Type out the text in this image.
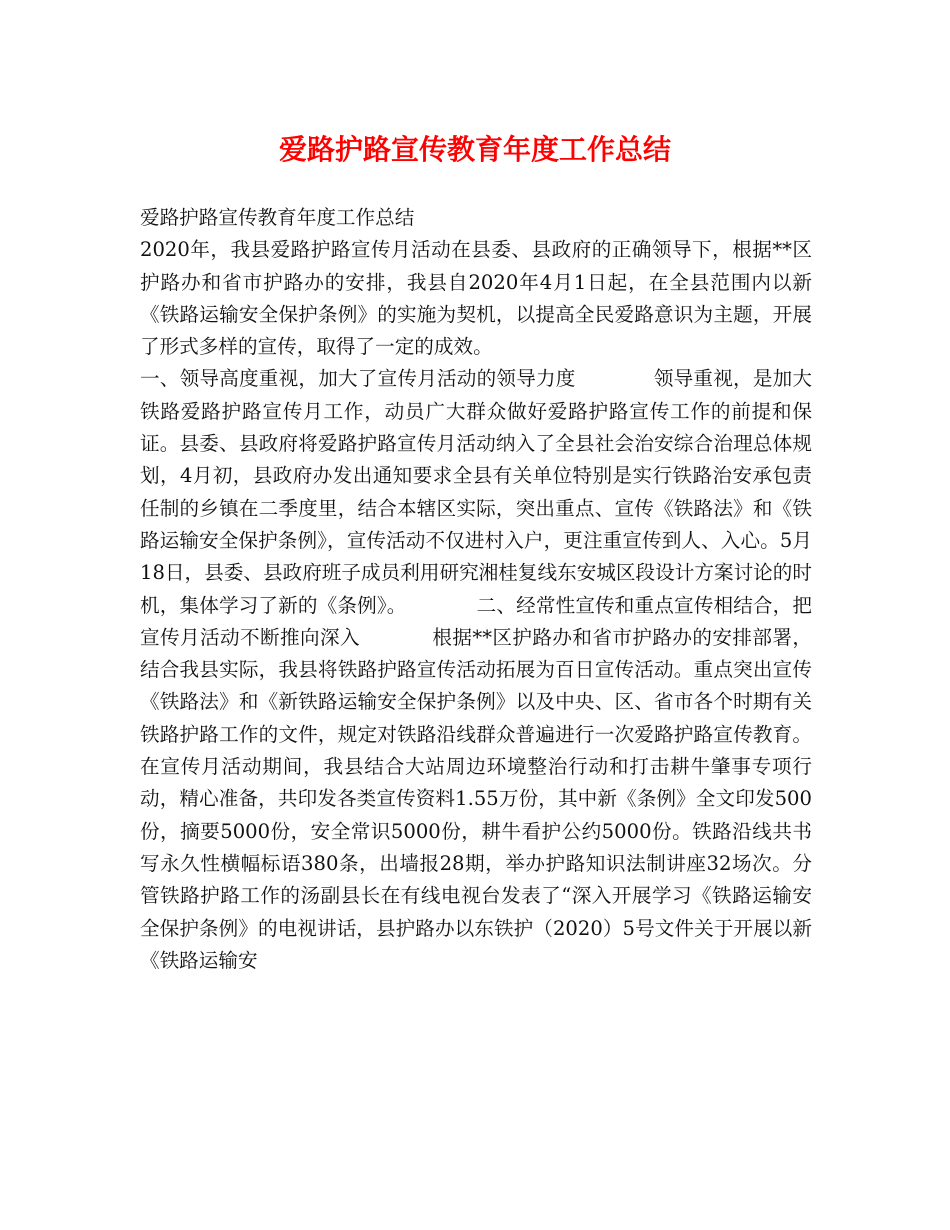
爱路护路宣传教育年度工作总结

爱路护路宣传教育年度工作总结

2020年，我县爱路护路宣传月活动在县委、县政府的正确领导下，根据**区护路办和省市护路办的安排，我县自2020年4月1日起，在全县范围内以新《铁路运输安全保护条例》的实施为契机，以提高全民爱路意识为主题，开展了形式多样的宣传，取得了一定的成效。

一、领导高度重视，加大了宣传月活动的领导力度	领导重视，是加大铁路爱路护路宣传月工作，动员广大群众做好爱路护路宣传工作的前提和保证。县委、县政府将爱路护路宣传月活动纳入了全县社会治安综合治理总体规划，4月初，县政府办发出通知要求全县有关单位特别是实行铁路治安承包责任制的乡镇在二季度里，结合本辖区实际，突出重点、宣传《铁路法》和《铁路运输安全保护条例》，宣传活动不仅进村入户，更注重宣传到人、入心。5月18日，县委、县政府班子成员利用研究湘桂复线东安城区段设计方案讨论的时机，集体学习了新的《条例》。	二、经常性宣传和重点宣传相结合，把宣传月活动不断推向深入	根据**区护路办和省市护路办的安排部署，结合我县实际，我县将铁路护路宣传活动拓展为百日宣传活动。重点突出宣传《铁路法》和《新铁路运输安全保护条例》以及中央、区、省市各个时期有关铁路护路工作的文件，规定对铁路沿线群众普遍进行一次爱路护路宣传教育。在宣传月活动期间，我县结合大站周边环境整治行动和打击耕牛肇事专项行动，精心准备，共印发各类宣传资料1.55万份，其中新《条例》全文印发500份，摘要5000份，安全常识5000份，耕牛看护公约5000份。铁路沿线共书写永久性横幅标语380条，出墙报28期，举办护路知识法制讲座32场次。分管铁路护路工作的汤副县长在有线电视台发表了“深入开展学习《铁路运输安全保护条例》的电视讲话，县护路办以东铁护（2020）5号文件关于开展以新《铁路运输安
